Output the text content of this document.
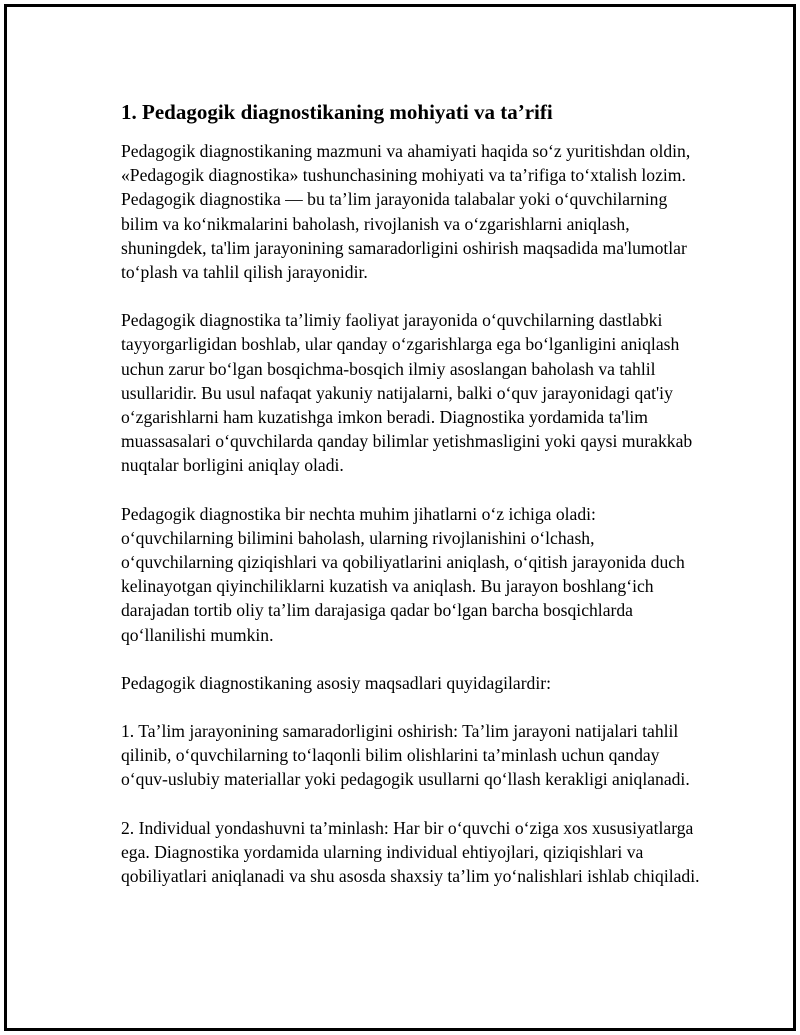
1. Pedagogik diagnostikaning mohiyati va ta’rifi

Pedagogik diagnostikaning mazmuni va ahamiyati haqida so‘z yuritishdan oldin, «Pedagogik diagnostika» tushunchasining mohiyati va ta’rifiga to‘xtalish lozim. Pedagogik diagnostika — bu ta’lim jarayonida talabalar yoki o‘quvchilarning bilim va ko‘nikmalarini baholash, rivojlanish va o‘zgarishlarni aniqlash, shuningdek, ta'lim jarayonining samaradorligini oshirish maqsadida ma'lumotlar to‘plash va tahlil qilish jarayonidir.

Pedagogik diagnostika ta’limiy faoliyat jarayonida o‘quvchilarning dastlabki tayyorgarligidan boshlab, ular qanday o‘zgarishlarga ega bo‘lganligini aniqlash uchun zarur bo‘lgan bosqichma-bosqich ilmiy asoslangan baholash va tahlil usullaridir. Bu usul nafaqat yakuniy natijalarni, balki o‘quv jarayonidagi qat'iy o‘zgarishlarni ham kuzatishga imkon beradi. Diagnostika yordamida ta'lim muassasalari o‘quvchilarda qanday bilimlar yetishmasligini yoki qaysi murakkab nuqtalar borligini aniqlay oladi.

Pedagogik diagnostika bir nechta muhim jihatlarni o‘z ichiga oladi: o‘quvchilarning bilimini baholash, ularning rivojlanishini o‘lchash, o‘quvchilarning qiziqishlari va qobiliyatlarini aniqlash, o‘qitish jarayonida duch kelinayotgan qiyinchiliklarni kuzatish va aniqlash. Bu jarayon boshlang‘ich darajadan tortib oliy ta’lim darajasiga qadar bo‘lgan barcha bosqichlarda qo‘llanilishi mumkin.

Pedagogik diagnostikaning asosiy maqsadlari quyidagilardir:

1. Ta’lim jarayonining samaradorligini oshirish: Ta’lim jarayoni natijalari tahlil qilinib, o‘quvchilarning to‘laqonli bilim olishlarini ta’minlash uchun qanday o‘quv-uslubiy materiallar yoki pedagogik usullarni qo‘llash kerakligi aniqlanadi.

2. Individual yondashuvni ta’minlash: Har bir o‘quvchi o‘ziga xos xususiyatlarga ega. Diagnostika yordamida ularning individual ehtiyojlari, qiziqishlari va qobiliyatlari aniqlanadi va shu asosda shaxsiy ta’lim yo‘nalishlari ishlab chiqiladi.
